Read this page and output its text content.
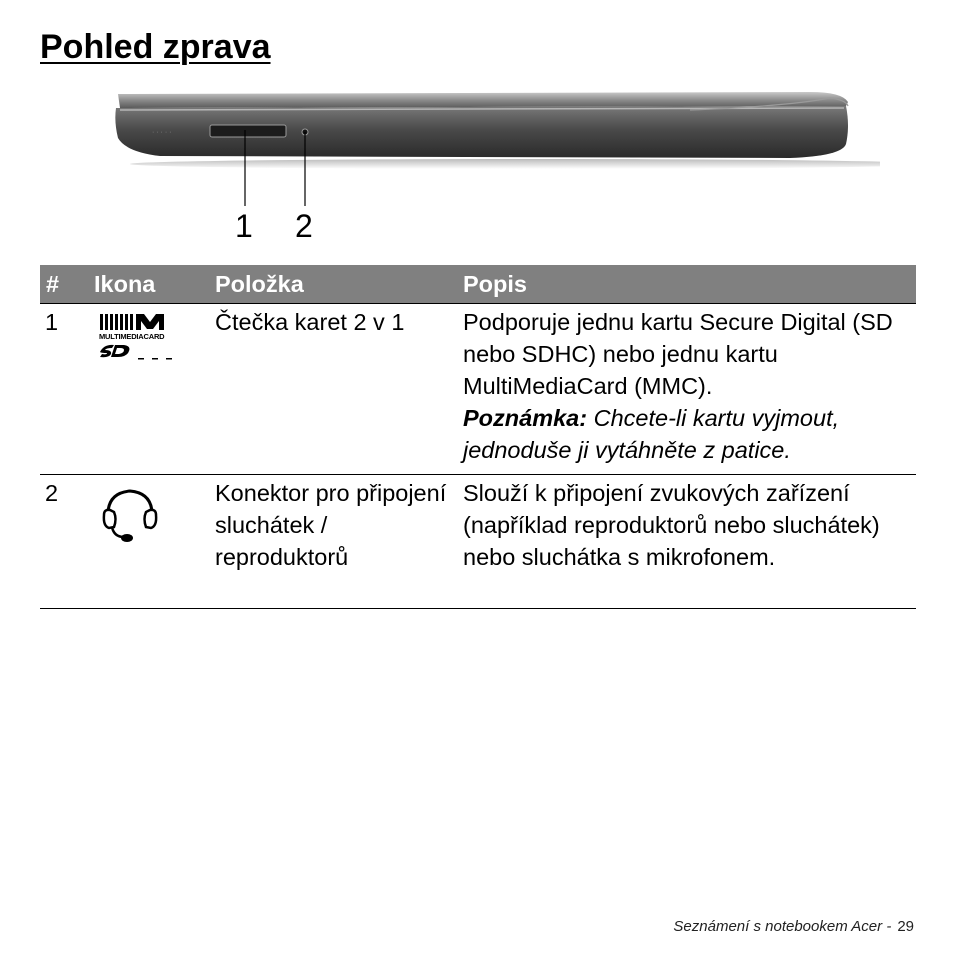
Pohled zprava
· · · · ·
1 2
#	Ikona	Položka	Popis
1	MULTIMEDIACARD	Čtečka karet 2 v 1	Podporuje jednu kartu Secure Digital (SD nebo SDHC) nebo jednu kartu MultiMediaCard (MMC).
Poznámka: Chcete-li kartu vyjmout, jednoduše ji vytáhněte z patice.
2		Konektor pro připojení sluchátek / reproduktorů	Slouží k připojení zvukových zařízení (například reproduktorů nebo sluchátek) nebo sluchátka s mikrofonem.
Seznámení s notebookem Acer - 29
